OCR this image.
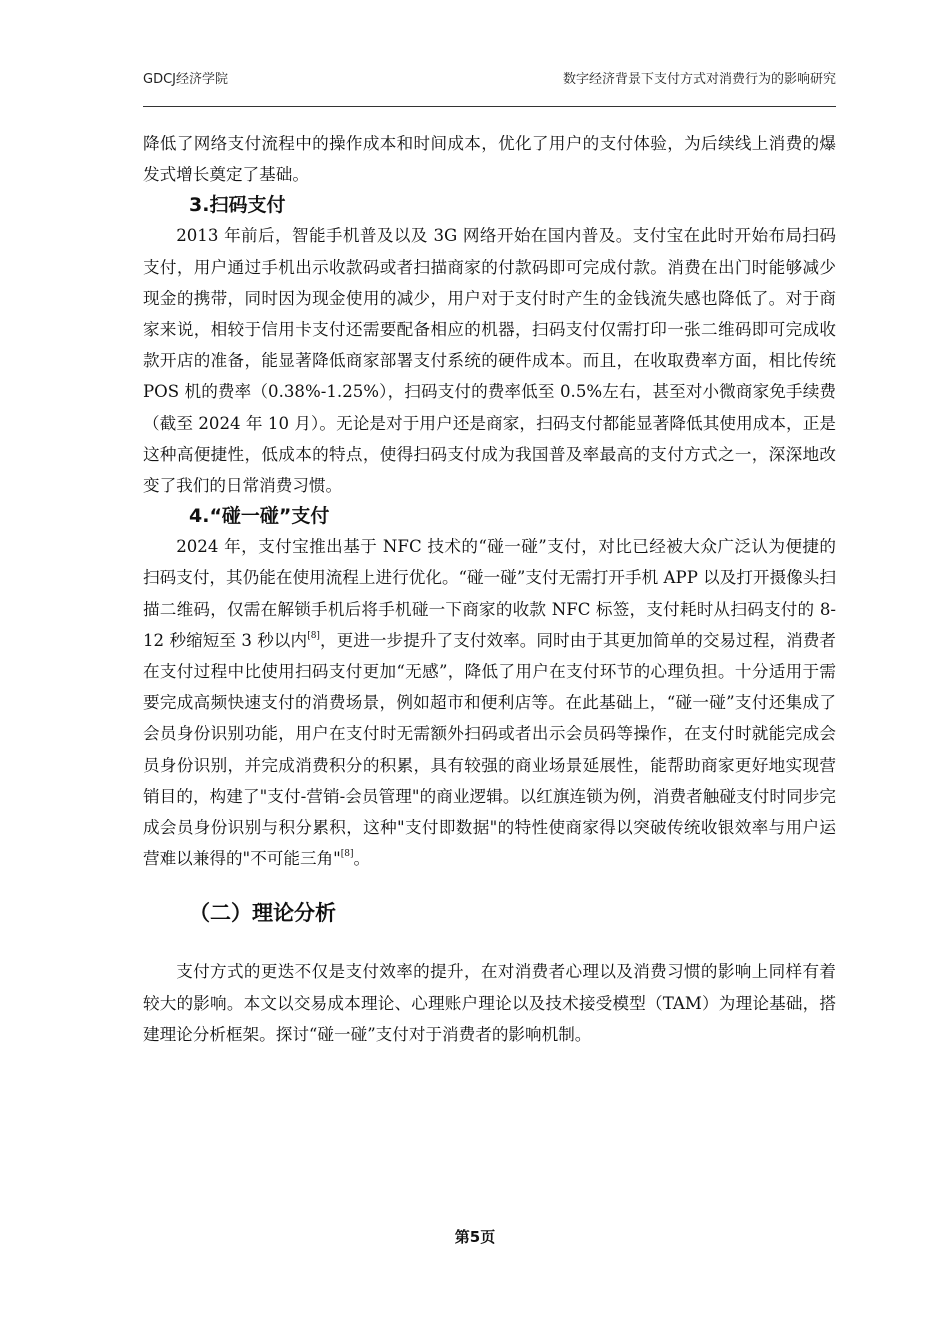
GDCJ经济学院	数字经济背景下支付方式对消费行为的影响研究

降低了网络支付流程中的操作成本和时间成本，优化了用户的支付体验，为后续线上消费的爆发式增长奠定了基础。

3.扫码支付

2013 年前后，智能手机普及以及 3G 网络开始在国内普及。支付宝在此时开始布局扫码支付，用户通过手机出示收款码或者扫描商家的付款码即可完成付款。消费在出门时能够减少现金的携带，同时因为现金使用的减少，用户对于支付时产生的金钱流失感也降低了。对于商家来说，相较于信用卡支付还需要配备相应的机器，扫码支付仅需打印一张二维码即可完成收款开店的准备，能显著降低商家部署支付系统的硬件成本。而且，在收取费率方面，相比传统 POS 机的费率（0.38%-1.25%），扫码支付的费率低至 0.5%左右，甚至对小微商家免手续费（截至 2024 年 10 月）。无论是对于用户还是商家，扫码支付都能显著降低其使用成本，正是这种高便捷性，低成本的特点，使得扫码支付成为我国普及率最高的支付方式之一，深深地改变了我们的日常消费习惯。

4.“碰一碰”支付

2024 年，支付宝推出基于 NFC 技术的“碰一碰”支付，对比已经被大众广泛认为便捷的扫码支付，其仍能在使用流程上进行优化。“碰一碰”支付无需打开手机 APP 以及打开摄像头扫描二维码，仅需在解锁手机后将手机碰一下商家的收款 NFC 标签，支付耗时从扫码支付的 8-12 秒缩短至 3 秒以内[8]，更进一步提升了支付效率。同时由于其更加简单的交易过程，消费者在支付过程中比使用扫码支付更加“无感”，降低了用户在支付环节的心理负担。十分适用于需要完成高频快速支付的消费场景，例如超市和便利店等。在此基础上，“碰一碰”支付还集成了会员身份识别功能，用户在支付时无需额外扫码或者出示会员码等操作，在支付时就能完成会员身份识别，并完成消费积分的积累，具有较强的商业场景延展性，能帮助商家更好地实现营销目的，构建了"支付-营销-会员管理"的商业逻辑。以红旗连锁为例，消费者触碰支付时同步完成会员身份识别与积分累积，这种"支付即数据"的特性使商家得以突破传统收银效率与用户运营难以兼得的"不可能三角"[8]。

（二）理论分析

支付方式的更迭不仅是支付效率的提升，在对消费者心理以及消费习惯的影响上同样有着较大的影响。本文以交易成本理论、心理账户理论以及技术接受模型（TAM）为理论基础，搭建理论分析框架。探讨“碰一碰”支付对于消费者的影响机制。

第5页
